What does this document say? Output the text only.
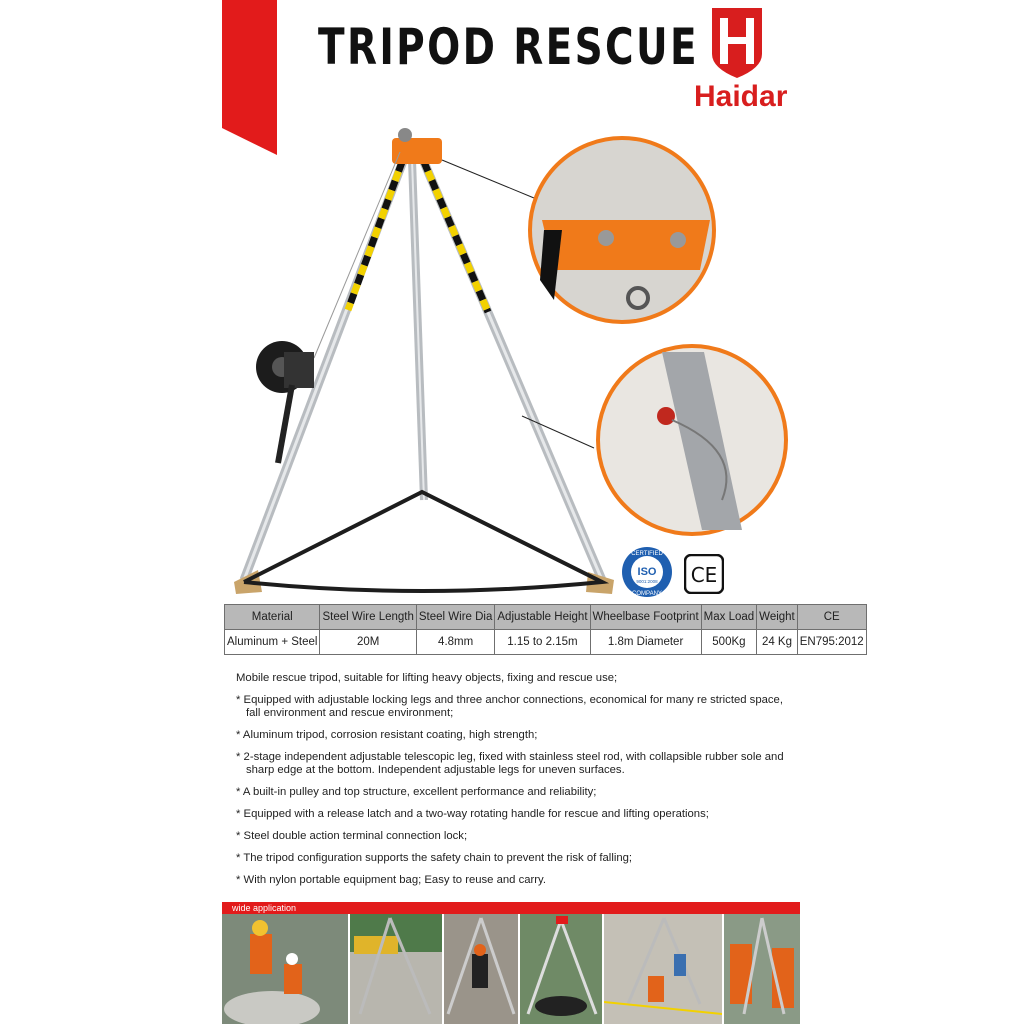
TRIPOD RESCUE
Haidar
CERTIFIED
ISO
9001:2008
COMPANY
CE
Material	Steel Wire Length	Steel Wire Dia	Adjustable Height	Wheelbase Footprint	Max Load	Weight	CE
Aluminum + Steel	20M	4.8mm	1.15 to 2.15m	1.8m Diameter	500Kg	24 Kg	EN795:2012

Mobile rescue tripod, suitable for lifting heavy objects, fixing and rescue use;

* Equipped with adjustable locking legs and three anchor connections, economical for many re stricted space, fall environment and rescue environment;

* Aluminum tripod, corrosion resistant coating, high strength;

* 2-stage independent adjustable telescopic leg, fixed with stainless steel rod, with collapsible rubber sole and sharp edge at the bottom. Independent adjustable legs for uneven surfaces.

* A built-in pulley and top structure, excellent performance and reliability;

* Equipped with a release latch and a two-way rotating handle for rescue and lifting operations;

* Steel double action terminal connection lock;

* The tripod configuration supports the safety chain to prevent the risk of falling;

* With nylon portable equipment bag; Easy to reuse and carry.

wide application
